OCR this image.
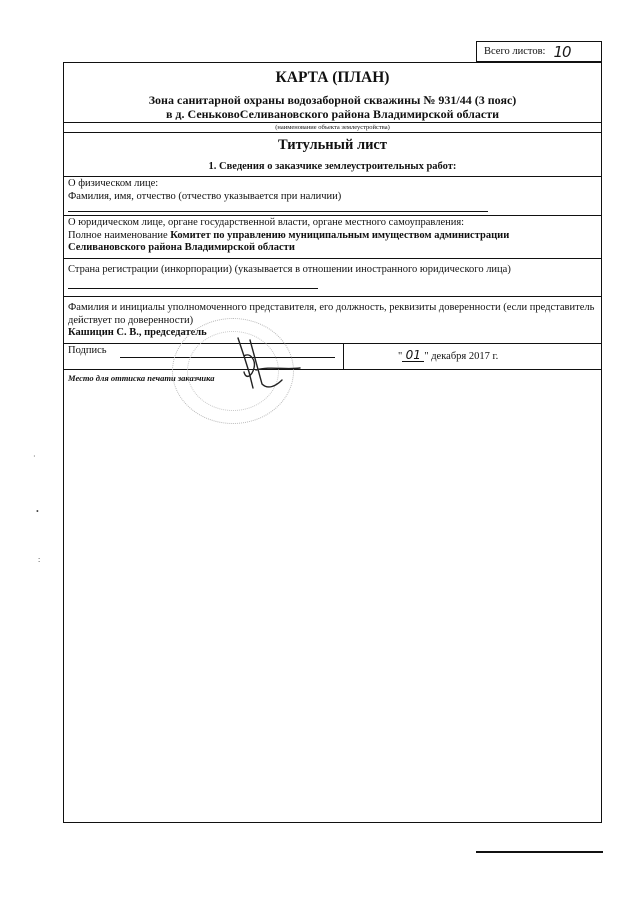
Всего листов: 10
КАРТА (ПЛАН)
Зона санитарной охраны водозаборной скважины № 931/44 (3 пояс)
в д. СеньковоСеливановского района Владимирской области
(наименование объекта землеустройства)
Титульный лист
1. Сведения о заказчике землеустроительных работ:
О физическом лице:
Фамилия, имя, отчество (отчество указывается при наличии)
О юридическом лице, органе государственной власти, органе местного самоуправления:
Полное наименование Комитет по управлению муниципальным имуществом администрации
Селивановского района Владимирской области
Страна регистрации (инкорпорации) (указывается в отношении иностранного юридического лица)
Фамилия и инициалы уполномоченного представителя, его должность, реквизиты доверенности (если представитель действует по доверенности)
Кашицин С. В., председатель
Подпись
" 01 " декабря 2017 г.
Место для оттиска печати заказчика
·
•
:
